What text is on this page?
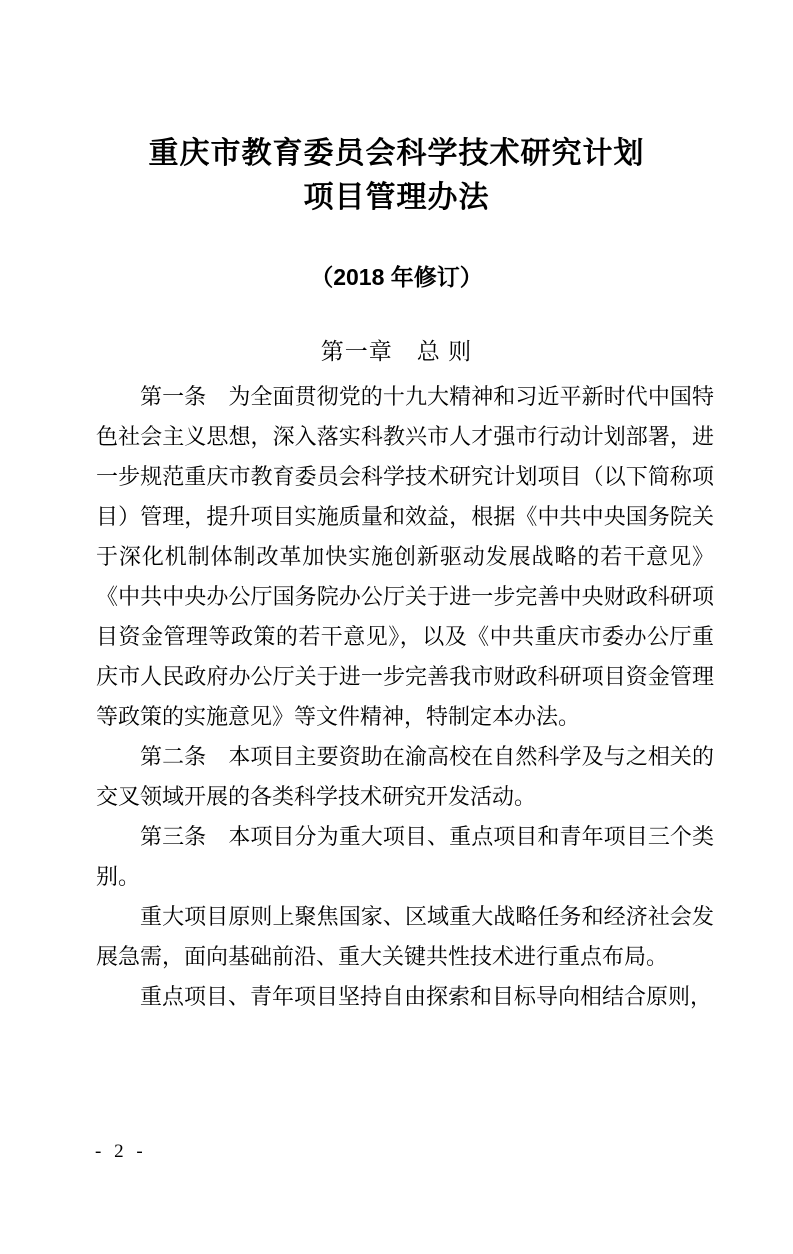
重庆市教育委员会科学技术研究计划
项目管理办法
（2018 年修订）
第一章　总 则

第一条　为全面贯彻党的十九大精神和习近平新时代中国特色社会主义思想，深入落实科教兴市人才强市行动计划部署，进一步规范重庆市教育委员会科学技术研究计划项目（以下简称项目）管理，提升项目实施质量和效益，根据《中共中央国务院关于深化机制体制改革加快实施创新驱动发展战略的若干意见》《中共中央办公厅国务院办公厅关于进一步完善中央财政科研项目资金管理等政策的若干意见》，以及《中共重庆市委办公厅重庆市人民政府办公厅关于进一步完善我市财政科研项目资金管理等政策的实施意见》等文件精神，特制定本办法。

第二条　本项目主要资助在渝高校在自然科学及与之相关的交叉领域开展的各类科学技术研究开发活动。

第三条　本项目分为重大项目、重点项目和青年项目三个类别。

重大项目原则上聚焦国家、区域重大战略任务和经济社会发展急需，面向基础前沿、重大关键共性技术进行重点布局。

重点项目、青年项目坚持自由探索和目标导向相结合原则，

- 2 -
